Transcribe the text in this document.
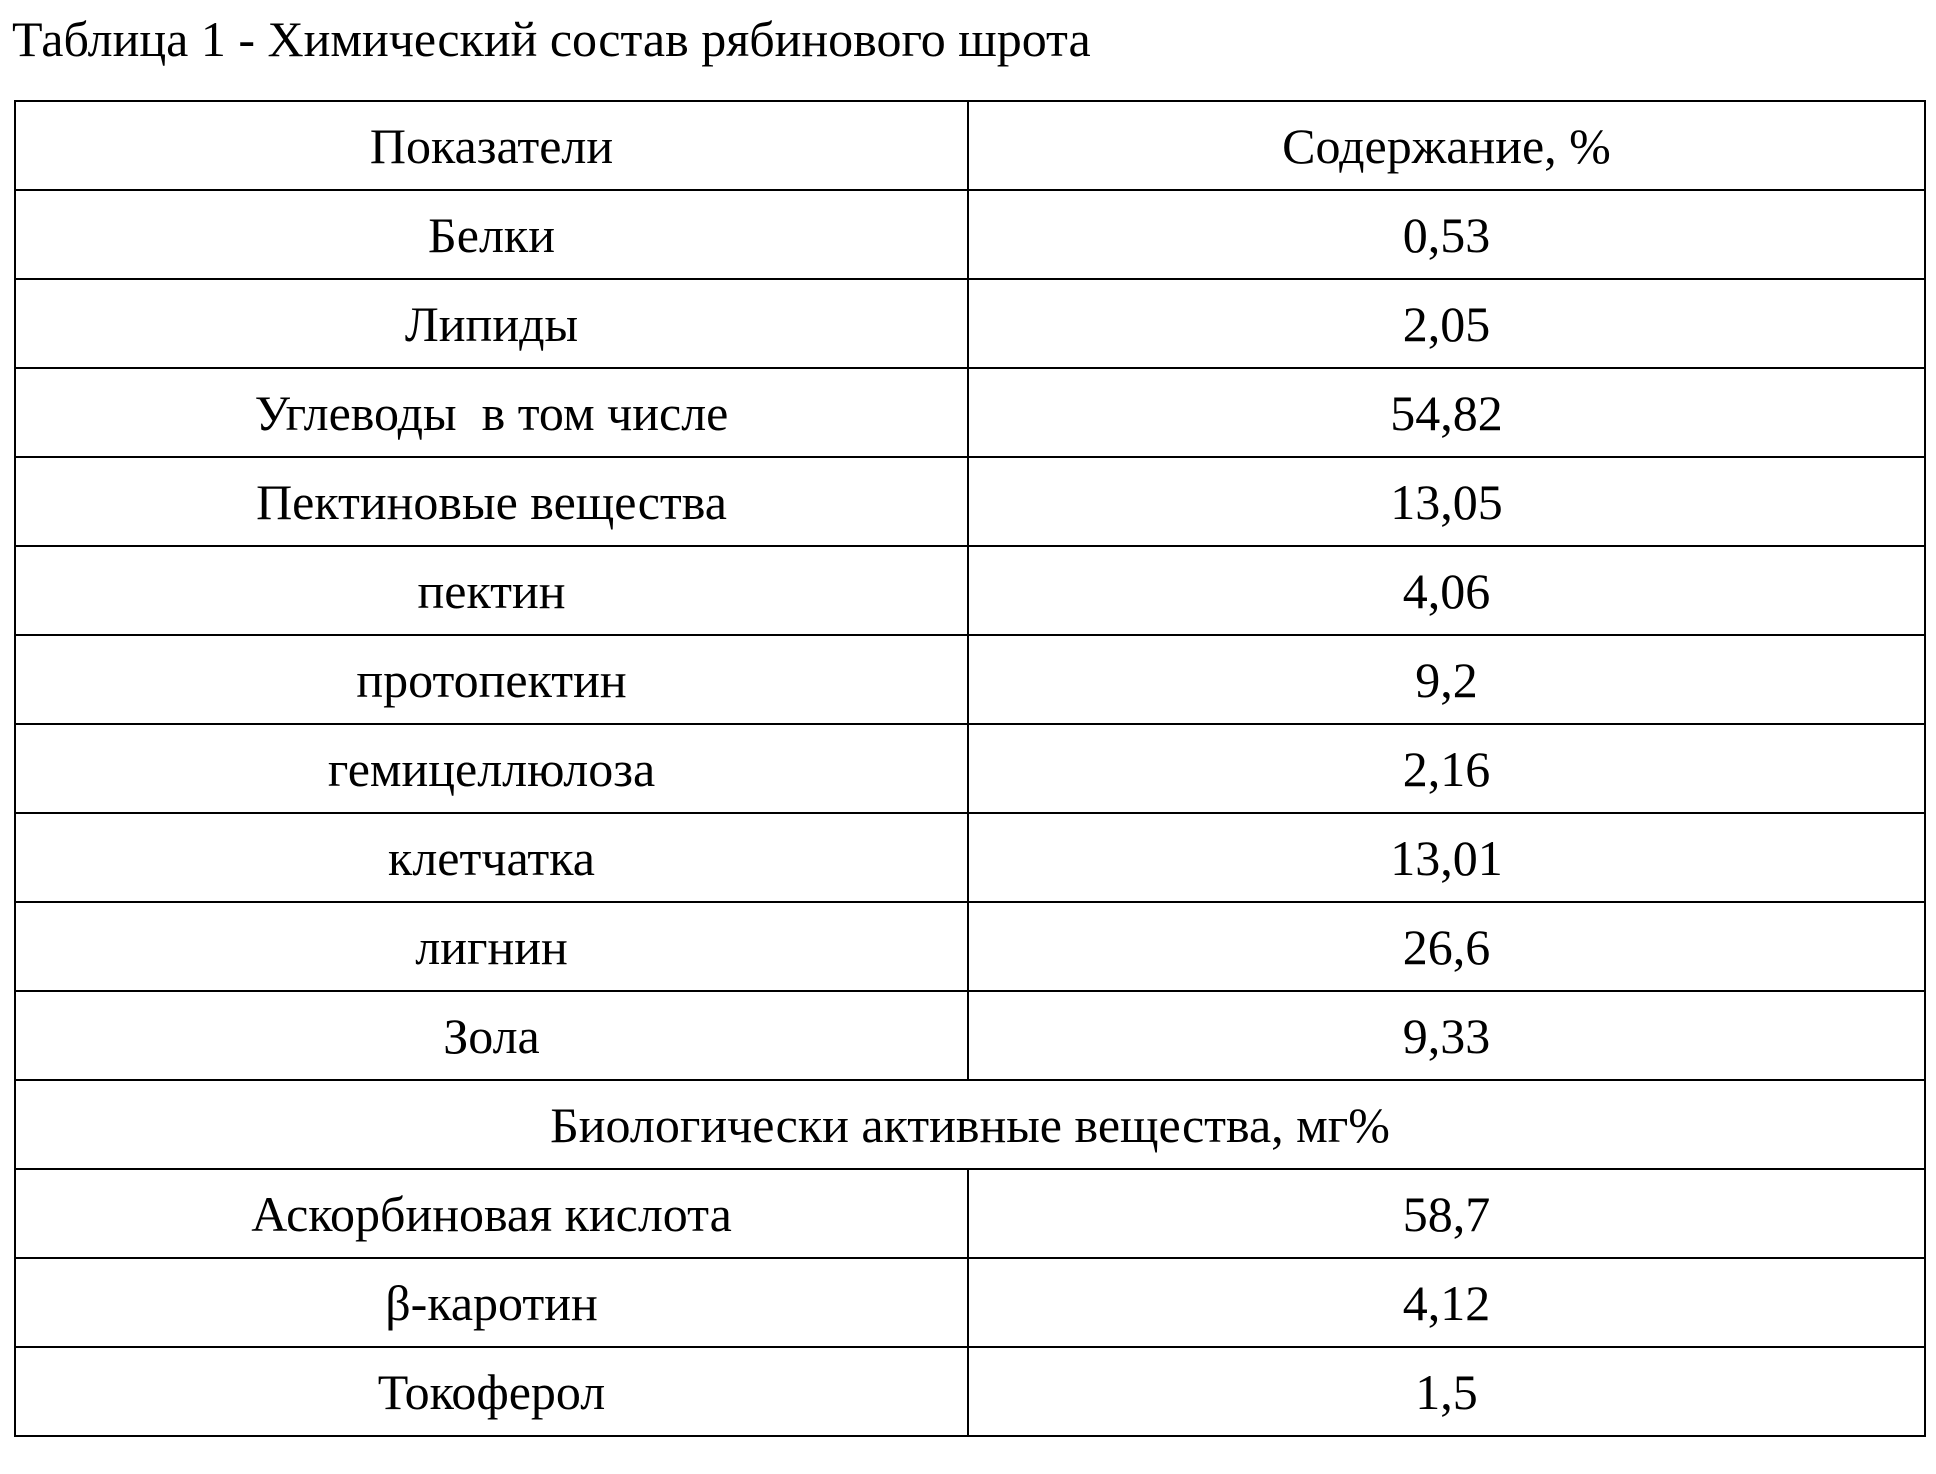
Таблица 1 - Химический состав рябинового шрота
Показатели	Содержание, %
Белки	0,53
Липиды	2,05
Углеводы  в том числе	54,82
Пектиновые вещества	13,05
пектин	4,06
протопектин	9,2
гемицеллюлоза	2,16
клетчатка	13,01
лигнин	26,6
Зола	9,33
Биологически активные вещества, мг%	
Аскорбиновая кислота	58,7
β-каротин	4,12
Токоферол	1,5
